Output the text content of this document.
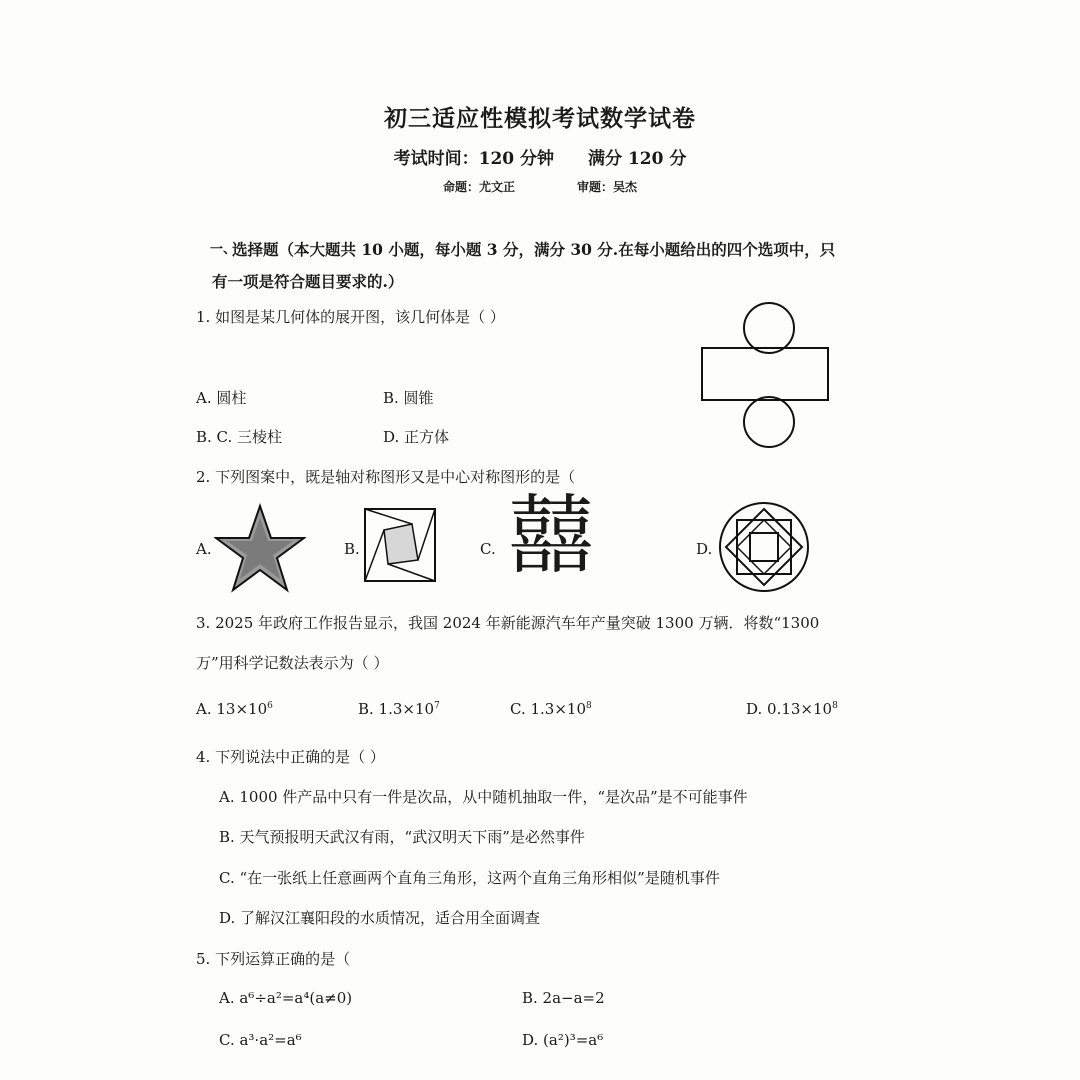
初三适应性模拟考试数学试卷
考试时间：120 分钟 满分 120 分
命题：尤文正	审题：吴杰
一、
选择题（本大题共 10 小题，每小题 3 分，满分 30 分.在每小题给出的四个选项中，只
有一项是符合题目要求的.）
1. 如图是某几何体的展开图，该几何体是（ ）
A. 圆柱	B. 圆锥
B. C. 三棱柱	D. 正方体
2. 下列图案中，既是轴对称图形又是中心对称图形的是（
A.	B.	C. 囍	D.
3. 2025 年政府工作报告显示，我国 2024 年新能源汽车年产量突破 1300 万辆．将数“1300
万”用科学记数法表示为（ ）
A. $13\times 10^6$	B. $1.3\times 10^7$	C. $1.3\times 10^8$	D. $0.13\times 10^8$
4. 下列说法中正确的是（ ）
A. 1000 件产品中只有一件是次品，从中随机抽取一件，“是次品”是不可能事件
B. 天气预报明天武汉有雨，“武汉明天下雨”是必然事件
C. “在一张纸上任意画两个直角三角形，这两个直角三角形相似”是随机事件
D. 了解汉江襄阳段的水质情况，适合用全面调查
5. 下列运算正确的是（
A. a⁶÷a²=a⁴(a≠0)	B. 2a−a=2
C. a³·a²=a⁶	D. (a²)³=a⁶
